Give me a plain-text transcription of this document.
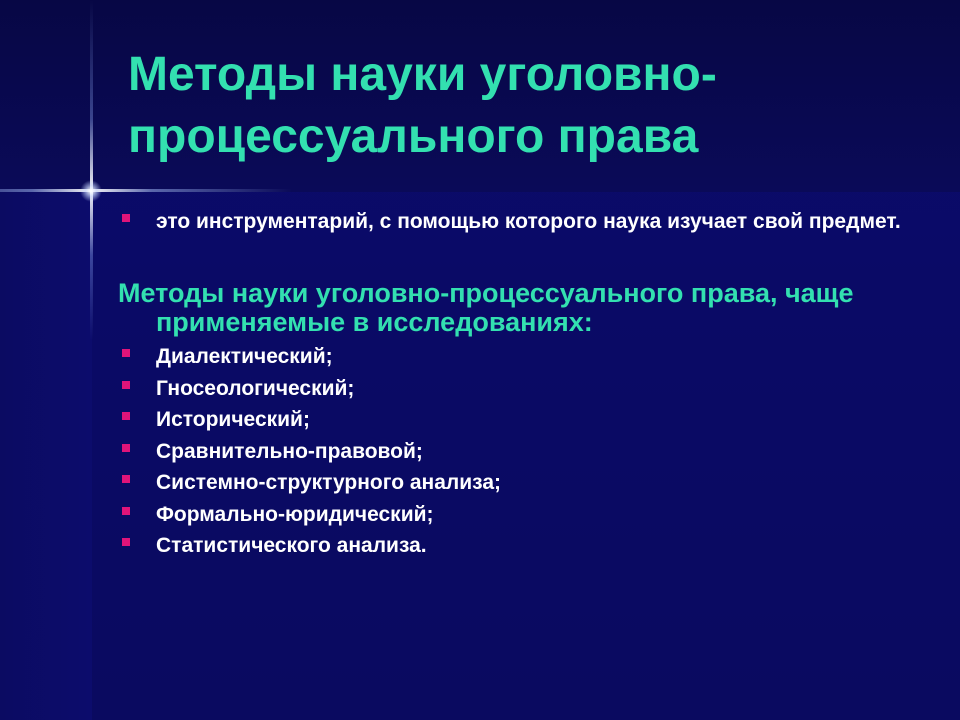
Методы науки уголовно-
процессуального права
это инструментарий, с помощью которого наука изучает свой предмет.

Методы науки уголовно-процессуального права, чаще применяемые в исследованиях:

Диалектический;
Гносеологический;
Исторический;
Сравнительно-правовой;
Системно-структурного анализа;
Формально-юридический;
Статистического анализа.
